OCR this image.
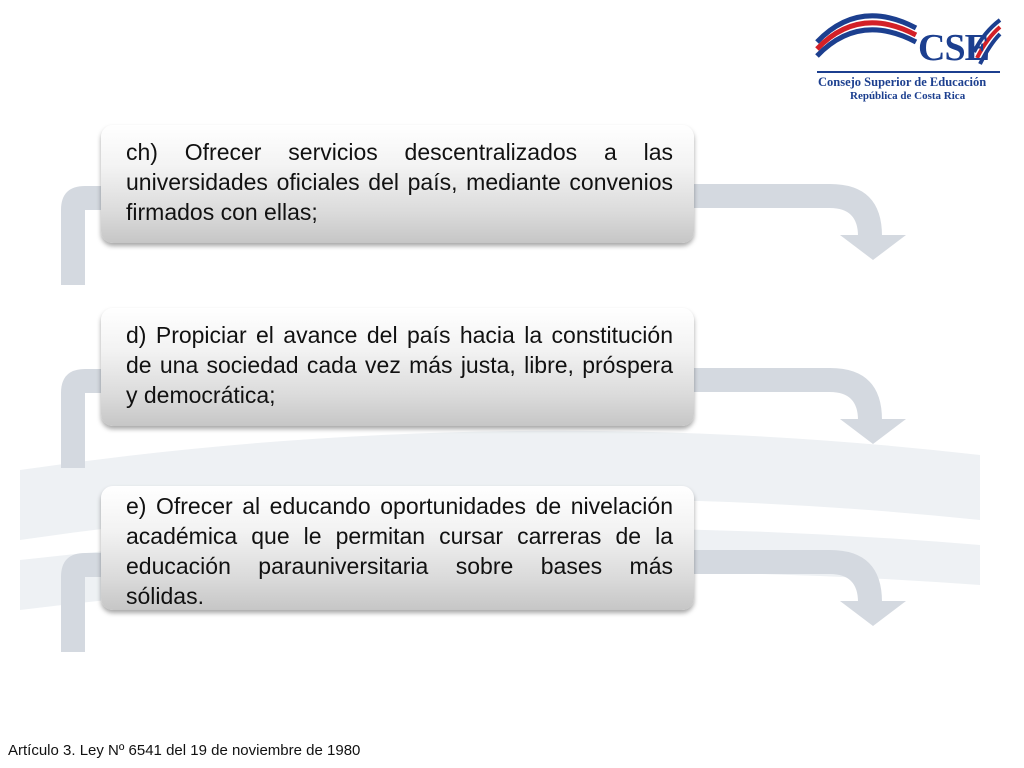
CSE
Consejo Superior de Educación
República de Costa Rica

ch) Ofrecer servicios descentralizados a las universidades oficiales del país, mediante convenios firmados con ellas;

d) Propiciar el avance del país hacia la constitución de una sociedad cada vez más justa, libre, próspera y democrática;

e) Ofrecer al educando oportunidades de nivelación académica que le permitan cursar carreras de la educación parauniversitaria sobre bases más sólidas.

Artículo 3. Ley Nº 6541 del 19 de noviembre de 1980
